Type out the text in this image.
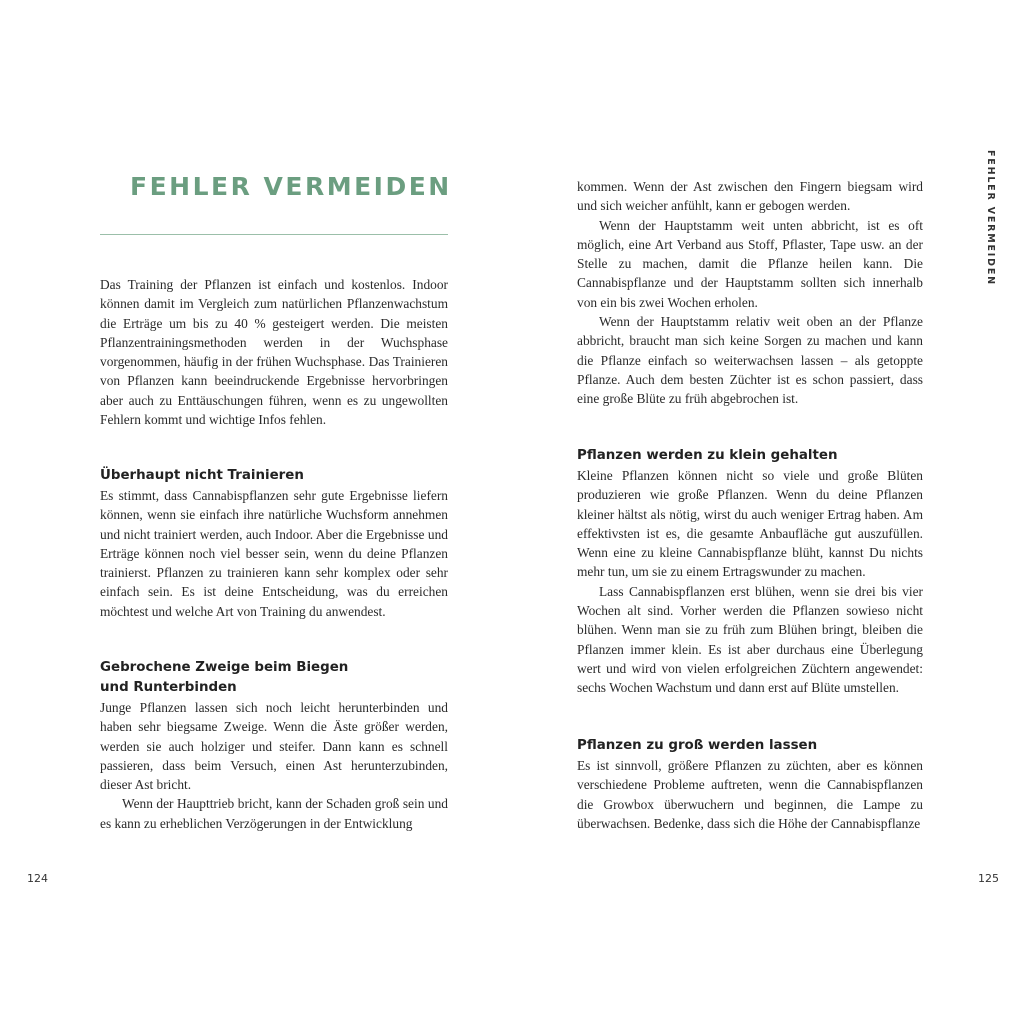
FEHLER VERMEIDEN

Das Training der Pflanzen ist einfach und kostenlos. Indoor können damit im Vergleich zum natürlichen Pflanzenwachstum die Erträge um bis zu 40 % gesteigert werden. Die meisten Pflanzentrainingsmethoden werden in der Wuchsphase vorgenommen, häufig in der frühen Wuchsphase. Das Trainieren von Pflanzen kann beeindruckende Ergebnisse hervorbringen aber auch zu Enttäuschungen führen, wenn es zu ungewollten Fehlern kommt und wichtige Infos fehlen.

Überhaupt nicht Trainieren

Es stimmt, dass Cannabispflanzen sehr gute Ergebnisse liefern können, wenn sie einfach ihre natürliche Wuchsform annehmen und nicht trainiert werden, auch Indoor. Aber die Ergebnisse und Erträge können noch viel besser sein, wenn du deine Pflanzen trainierst. Pflanzen zu trainieren kann sehr komplex oder sehr einfach sein. Es ist deine Entscheidung, was du erreichen möchtest und welche Art von Training du anwendest.

Gebrochene Zweige beim Biegen und Runterbinden

Junge Pflanzen lassen sich noch leicht herunterbinden und haben sehr biegsame Zweige. Wenn die Äste größer werden, werden sie auch holziger und steifer. Dann kann es schnell passieren, dass beim Versuch, einen Ast herunterzubinden, dieser Ast bricht.

Wenn der Haupttrieb bricht, kann der Schaden groß sein und es kann zu erheblichen Verzögerungen in der Entwicklung

124

kommen. Wenn der Ast zwischen den Fingern biegsam wird und sich weicher anfühlt, kann er gebogen werden.

Wenn der Hauptstamm weit unten abbricht, ist es oft möglich, eine Art Verband aus Stoff, Pflaster, Tape usw. an der Stelle zu machen, damit die Pflanze heilen kann. Die Cannabispflanze und der Hauptstamm sollten sich innerhalb von ein bis zwei Wochen erholen.

Wenn der Hauptstamm relativ weit oben an der Pflanze abbricht, braucht man sich keine Sorgen zu machen und kann die Pflanze einfach so weiterwachsen lassen – als getoppte Pflanze. Auch dem besten Züchter ist es schon passiert, dass eine große Blüte zu früh abgebrochen ist.

Pflanzen werden zu klein gehalten

Kleine Pflanzen können nicht so viele und große Blüten produzieren wie große Pflanzen. Wenn du deine Pflanzen kleiner hältst als nötig, wirst du auch weniger Ertrag haben. Am effektivsten ist es, die gesamte Anbaufläche gut auszufüllen. Wenn eine zu kleine Cannabispflanze blüht, kannst Du nichts mehr tun, um sie zu einem Ertragswunder zu machen.

Lass Cannabispflanzen erst blühen, wenn sie drei bis vier Wochen alt sind. Vorher werden die Pflanzen sowieso nicht blühen. Wenn man sie zu früh zum Blühen bringt, bleiben die Pflanzen immer klein. Es ist aber durchaus eine Überlegung wert und wird von vielen erfolgreichen Züchtern angewendet: sechs Wochen Wachstum und dann erst auf Blüte umstellen.

Pflanzen zu groß werden lassen

Es ist sinnvoll, größere Pflanzen zu züchten, aber es können verschiedene Probleme auftreten, wenn die Cannabispflanzen die Growbox überwuchern und beginnen, die Lampe zu überwachsen. Bedenke, dass sich die Höhe der Cannabispflanze

FEHLER VERMEIDEN
125
